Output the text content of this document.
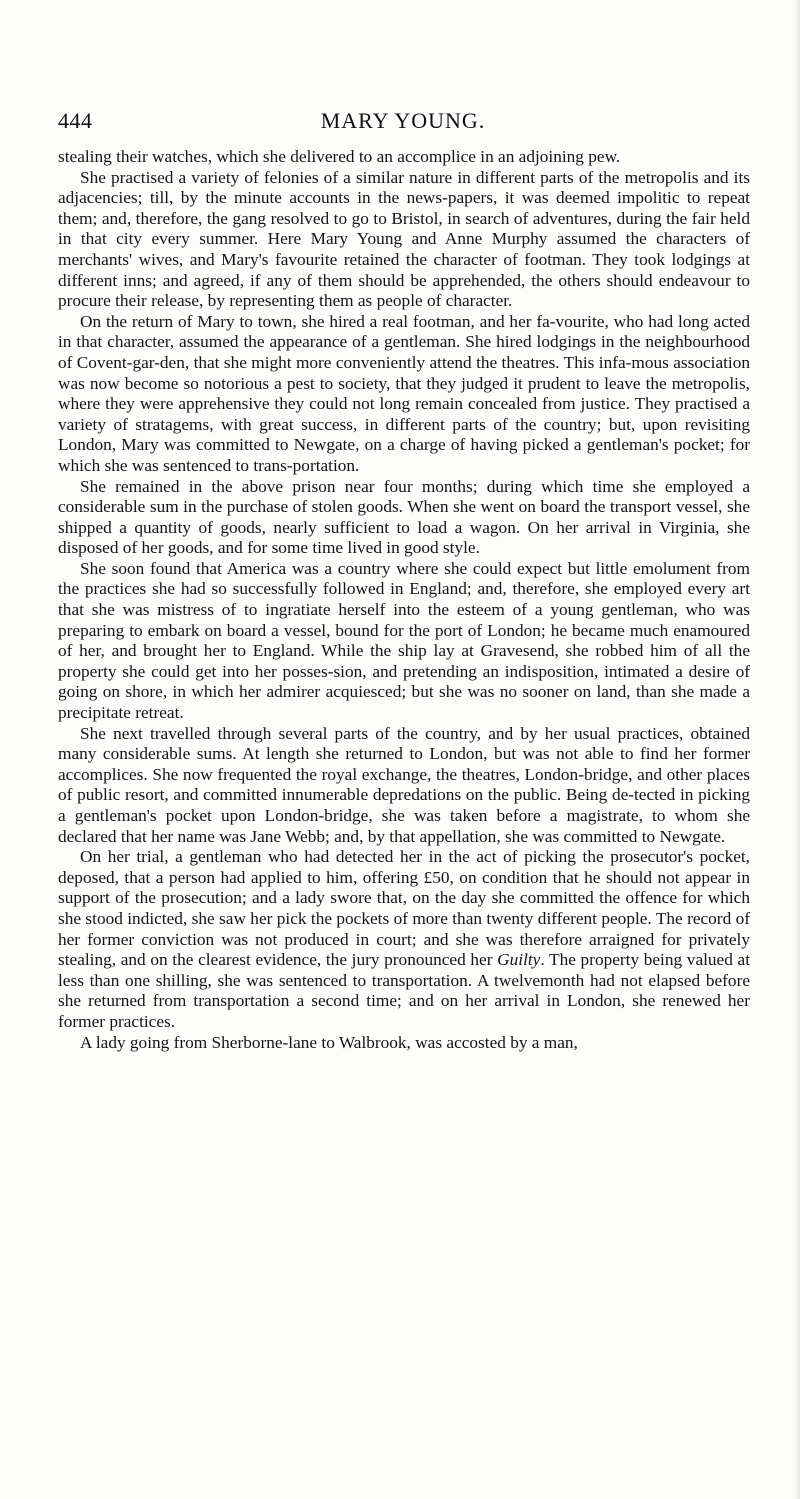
444	MARY YOUNG.

stealing their watches, which she delivered to an accomplice in an adjoining pew.

She practised a variety of felonies of a similar nature in different parts of the metropolis and its adjacencies; till, by the minute accounts in the news-papers, it was deemed impolitic to repeat them; and, therefore, the gang resolved to go to Bristol, in search of adventures, during the fair held in that city every summer. Here Mary Young and Anne Murphy assumed the characters of merchants' wives, and Mary's favourite retained the character of footman. They took lodgings at different inns; and agreed, if any of them should be apprehended, the others should endeavour to procure their release, by representing them as people of character.

On the return of Mary to town, she hired a real footman, and her fa-vourite, who had long acted in that character, assumed the appearance of a gentleman. She hired lodgings in the neighbourhood of Covent-gar-den, that she might more conveniently attend the theatres. This infa-mous association was now become so notorious a pest to society, that they judged it prudent to leave the metropolis, where they were apprehensive they could not long remain concealed from justice. They practised a variety of stratagems, with great success, in different parts of the country; but, upon revisiting London, Mary was committed to Newgate, on a charge of having picked a gentleman's pocket; for which she was sentenced to trans-portation.

She remained in the above prison near four months; during which time she employed a considerable sum in the purchase of stolen goods. When she went on board the transport vessel, she shipped a quantity of goods, nearly sufficient to load a wagon. On her arrival in Virginia, she disposed of her goods, and for some time lived in good style.

She soon found that America was a country where she could expect but little emolument from the practices she had so successfully followed in England; and, therefore, she employed every art that she was mistress of to ingratiate herself into the esteem of a young gentleman, who was preparing to embark on board a vessel, bound for the port of London; he became much enamoured of her, and brought her to England. While the ship lay at Gravesend, she robbed him of all the property she could get into her posses-sion, and pretending an indisposition, intimated a desire of going on shore, in which her admirer acquiesced; but she was no sooner on land, than she made a precipitate retreat.

She next travelled through several parts of the country, and by her usual practices, obtained many considerable sums. At length she returned to London, but was not able to find her former accomplices. She now frequented the royal exchange, the theatres, London-bridge, and other places of public resort, and committed innumerable depredations on the public. Being de-tected in picking a gentleman's pocket upon London-bridge, she was taken before a magistrate, to whom she declared that her name was Jane Webb; and, by that appellation, she was committed to Newgate.

On her trial, a gentleman who had detected her in the act of picking the prosecutor's pocket, deposed, that a person had applied to him, offering £50, on condition that he should not appear in support of the prosecution; and a lady swore that, on the day she committed the offence for which she stood indicted, she saw her pick the pockets of more than twenty different people. The record of her former conviction was not produced in court; and she was therefore arraigned for privately stealing, and on the clearest evidence, the jury pronounced her Guilty. The property being valued at less than one shilling, she was sentenced to transportation. A twelvemonth had not elapsed before she returned from transportation a second time; and on her arrival in London, she renewed her former practices.

A lady going from Sherborne-lane to Walbrook, was accosted by a man,
